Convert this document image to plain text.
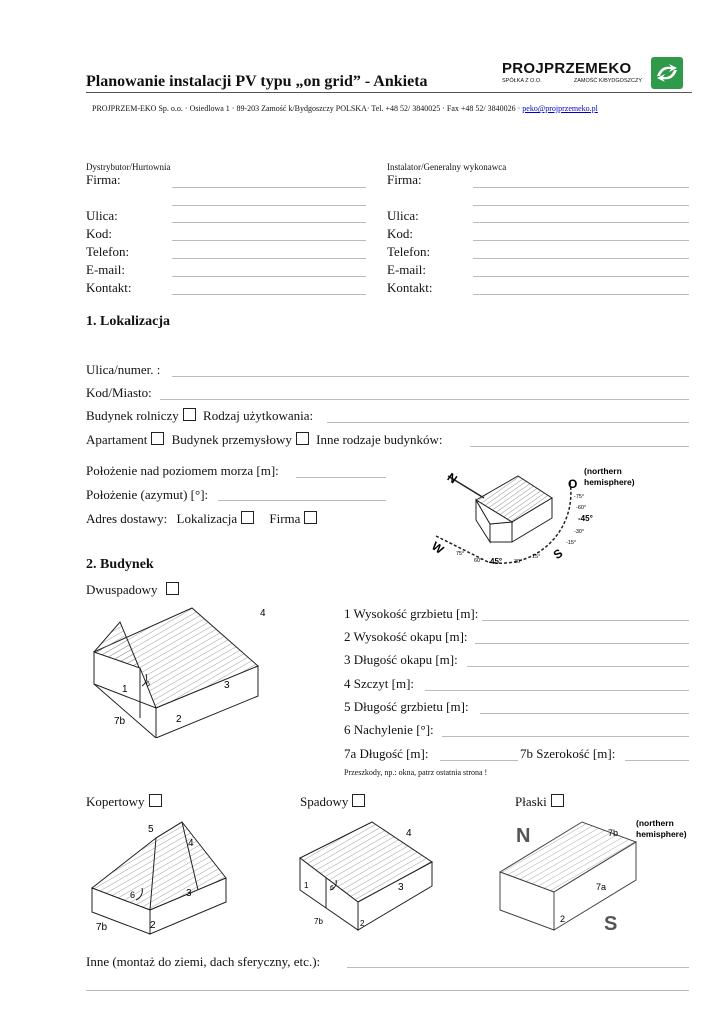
Planowanie instalacji PV typu „on grid” - Ankieta
PROJPRZEMEKO
SPÓŁKA Z O.O.	ZAMOŚĆ K/BYDGOSZCZY
PROJPRZEM-EKO Sp. o.o. · Osiedlowa 1 · 89-203 Zamość k/Bydgoszczy POLSKA· Tel. +48 52/ 3840025 · Fax +48 52/ 3840026 · peko@projprzemeko.pl
Dystrybutor/Hurtownia	Instalator/Generalny wykonawca
Firma:
Ulica:
Kod:
Telefon:
E-mail:
Kontakt:
Firma:
Ulica:
Kod:
Telefon:
E-mail:
Kontakt:
1. Lokalizacja
Ulica/numer. :
Kod/Miasto:
Budynek rolniczy Rodzaj użytkowania:
Apartament Budynek przemysłowy Inne rodzaje budynków:
Położenie nad poziomem morza [m]:
Położenie (azymut) [°]:
Adres dostawy: Lokalizacja Firma
N	O
W	S
(northern
hemisphere)
-75°
-60°
-45°
-30°
-15°
75°
60° 45° 30°
15°
2. Budynek
Dwuspadowy
4
6
1	3
7b	2
1 Wysokość grzbietu [m]:
2 Wysokość okapu [m]:
3 Długość okapu [m]:
4 Szczyt [m]:
5 Długość grzbietu [m]:
6 Nachylenie [°]:
7a Długość [m]:	7b Szerokość [m]:
Przeszkody, np.: okna, patrz ostatnia strona !
Kopertowy	Spadowy	Płaski
5
4
6	3
7b	2
4
1	6	3
7b	2
N
S
(northern
hemisphere)
7b
7a
2
Inne (montaż do ziemi, dach sferyczny, etc.):
